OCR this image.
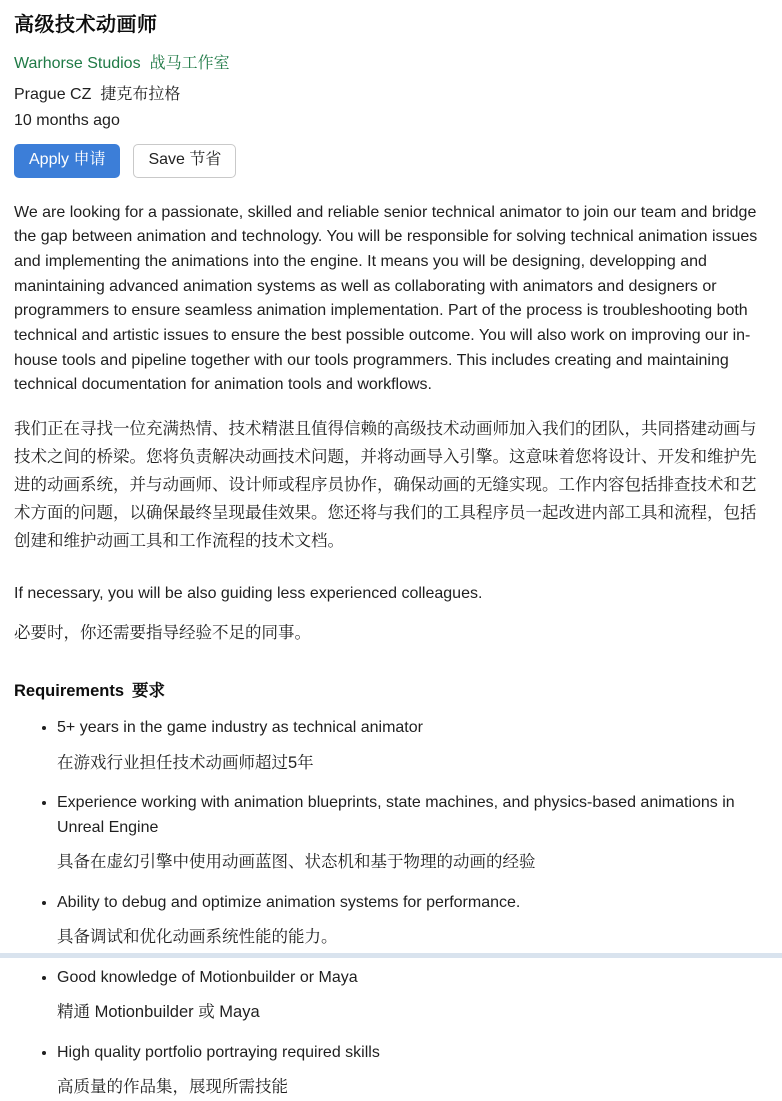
高级技术动画师
Warhorse Studios 战马工作室
Prague CZ 捷克布拉格
10 months ago
Apply 申请	Save 节省

We are looking for a passionate, skilled and reliable senior technical animator to join our team and bridge the gap between animation and technology. You will be responsible for solving technical animation issues and implementing the animations into the engine. It means you will be designing, developping and manintaining advanced animation systems as well as collaborating with animators and designers or programmers to ensure seamless animation implementation. Part of the process is troubleshooting both technical and artistic issues to ensure the best possible outcome. You will also work on improving our in-house tools and pipeline together with our tools programmers. This includes creating and maintaining technical documentation for animation tools and workflows.

我们正在寻找一位充满热情、技术精湛且值得信赖的高级技术动画师加入我们的团队，共同搭建动画与技术之间的桥梁。您将负责解决动画技术问题，并将动画导入引擎。这意味着您将设计、开发和维护先进的动画系统，并与动画师、设计师或程序员协作，确保动画的无缝实现。工作内容包括排查技术和艺术方面的问题，以确保最终呈现最佳效果。您还将与我们的工具程序员一起改进内部工具和流程，包括创建和维护动画工具和工作流程的技术文档。

If necessary, you will be also guiding less experienced colleagues.

必要时，你还需要指导经验不足的同事。

Requirements 要求

• 5+ years in the game industry as technical animator

在游戏行业担任技术动画师超过5年

• Experience working with animation blueprints, state machines, and physics-based animations in Unreal Engine

具备在虚幻引擎中使用动画蓝图、状态机和基于物理的动画的经验

• Ability to debug and optimize animation systems for performance.

具备调试和优化动画系统性能的能力。

• Good knowledge of Motionbuilder or Maya

精通 Motionbuilder 或 Maya

• High quality portfolio portraying required skills

高质量的作品集，展现所需技能
